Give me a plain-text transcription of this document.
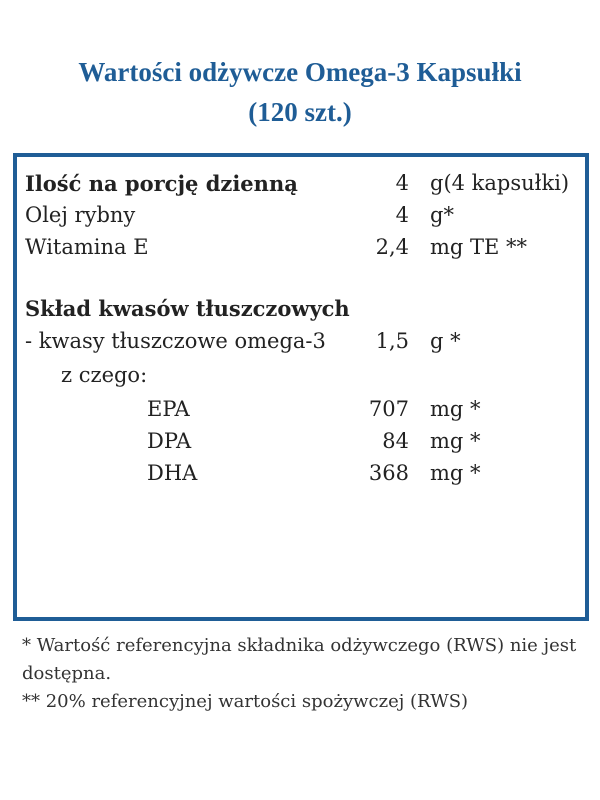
Wartości odżywcze Omega-3 Kapsułki
(120 szt.)
Ilość na porcję dzienną	4 g(4 kapsułki)
Olej rybny	4 g*
Witamina E	2,4 mg TE **
Skład kwasów tłuszczowych
- kwasy tłuszczowe omega-3 1,5 g *
z czego:
EPA	707 mg *
DPA	84 mg *
DHA	368 mg *

* Wartość referencyjna składnika odżywczego (RWS) nie jest dostępna.

** 20% referencyjnej wartości spożywczej (RWS)
